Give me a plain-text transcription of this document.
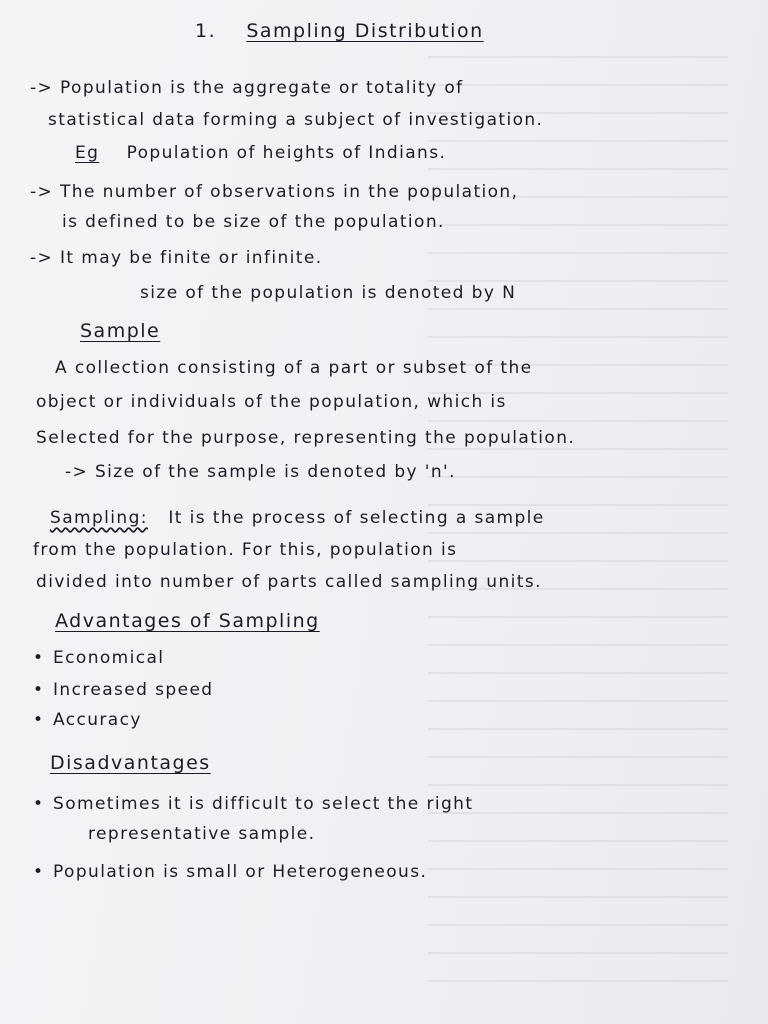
1. Sampling Distribution
-> Population is the aggregate or totality of
statistical data forming a subject of investigation.
Eg Population of heights of Indians.
-> The number of observations in the population,
is defined to be size of the population.
-> It may be finite or infinite.
size of the population is denoted by N
Sample
A collection consisting of a part or subset of the
object or individuals of the population, which is
Selected for the purpose, representing the population.
-> Size of the sample is denoted by 'n'.
Sampling: It is the process of selecting a sample
from the population. For this, population is
divided into number of parts called sampling units.
Advantages of Sampling
• Economical
• Increased speed
• Accuracy
Disadvantages
• Sometimes it is difficult to select the right
representative sample.
• Population is small or Heterogeneous.
